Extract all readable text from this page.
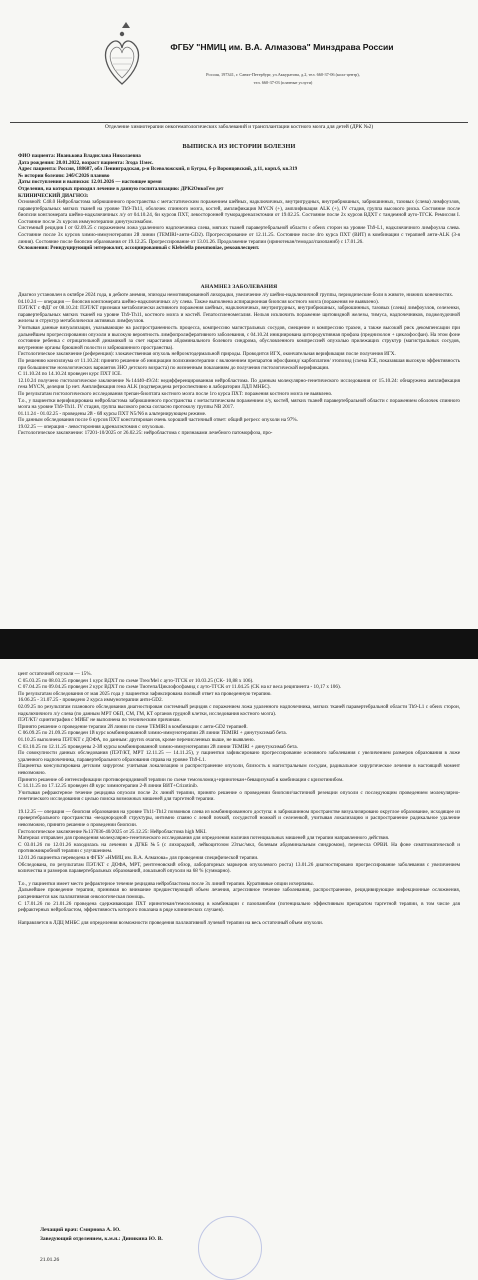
ФГБУ "НМИЦ им. В.А. Алмазова" Минздрава России
Россия, 197341, г. Санкт-Петербург, ул.Аккуратова, д.2, тел. 660-37-06 (колл-центр),
тел. 660-37-03 (платные услуги)
Отделение химиотерапии онкогематологических заболеваний и трансплантации костного мозга для детей (ДРК №2)
ВЫПИСКА ИЗ ИСТОРИИ БОЛЕЗНИ

ФИО пациента: Иванькова Владислава Николаевна

Дата рождения: 28.01.2022, возраст пациента: 3года 11мес.

Адрес пациента: Россия, 188687, обл Ленинградская, р-н Всеволожский, п Бугры, б-р Воронцовский, д.11, корп.6, кв.319

№ истории болезни: 24б/С2026 планово

Даты поступления и выписки: 12.01.2026 — настоящее время

Отделения, на которых проходил лечение в данную госпитализацию: ДРК2ОнкоГем дет

КЛИНИЧЕСКИЙ ДИАГНОЗ:

Основной: С48.0 Нейробластома забрюшинного пространства с метастатическим поражением шейных, надключичных, внутригрудных, внутрибрюшных, забрюшинных, тазовых (слева) лимфоузлов, паравертебральных мягких тканей на уровне Th9-Th11, оболочек спинного мозга, костей, амплификация MYCN (+), амплификация ALK (+), IV стадия, группа высокого риска. Состояние после биопсии конгломерата шейно-надключичных л/у от 04.10.24, 6и курсов ПХТ, левосторонней туморадреналэктомии от 19.02.25. Состояние после 2х курсов ВДХТ с тандемной ауто-ТГСК. Ремиссия I. Состояние после 2х курсов иммунотерапии динутуксимабом.

Системный рецидив I от 02.09.25 с поражением ложа удаленного надпочечника слева, мягких тканей паравертебральной области с обеих сторон на уровне Th9-L1, надключичного лимфоузла слева. Состояние после 3х курсов химио-иммунотерапии 2й линии (TEMIRI+анти-GD2). Прогрессирование от 12.11.25. Состояние после 4го курса ПХТ (ВИТ) в комбинации с терапией анти-ALK (3-я линия). Состояние после биопсии образования от 19.12.25. Прогрессирование от 13.01.26. Продолжение терапии (иринотекан/темодал/пазопаниб) с 17.01.26.

Осложнения: Реиндуцирующий энтероколит, ассоциированный с Klebsiella pneumoniae, рекоавлесцент.

АНАМНЕЗ ЗАБОЛЕВАНИЯ

Диагноз установлен в октябре 2024 года, в дебюте анемия, эпизоды немотивированной лихорадки, увеличение л/у шейно-надключичной группы, периодические боли в животе, нижних конечностях.

04.10.24 — операция — биопсия конгломерата шейно-надключичных л/у слева. Также выполнена аспирационная биопсия костного мозга (поражения не выявлено).

ПЭТ/КТ с ФДГ от 08.10.24: ПЭТ/КТ признаки метаболически активного поражения шейных, надключичных, внутригрудных, внутрибрюшных, забрюшинных, тазовых (слева) лимфоузлов, селезенки, паравертебральных мягких тканей на уровне Th9-Th11, костного мозга и костей. Гепатоспленомегалия. Нельзя исключить поражение щитовидной железы, тимуса, надпочечников, поджелудочной железы и структур метаболически активных лимфоузлов.

Учитывая данные визуализации, указывающие на распространенность процесса, компрессию магистральных сосудов, смещение и компрессию трахеи, а также высокий риск декомпенсации при дальнейшем прогрессировании опухоли и высокую вероятность лимфопролиферативного заболевания, с 04.10.24 инициирована циторедуктивная профаза (преднизолон + циклофосфан). На этом фоне состояние ребенка с отрицательной динамикой за счет нарастания абдоминального болевого синдрома, обусловленного компрессией опухолью прилежащих структур (магистральных сосудов, внутренние органы брюшной полости и забрюшинного пространства).

Гистологическое заключение (референция): злокачественная опухоль нейроэктодермальной природы. Проводится ИГХ, окончательная верификация после получения ИГХ.

По решению консилиума от 11.10.24: принято решение об инициации полихимиотерапии с включением препаратов ифосфамид/ карбоплатин/ этопозид (схема ICE, показавшая высокую эффективность при большинстве нозологических вариантов ЗНО детского возраста) по жизненным показаниям до получения гистологической верификации.

С 11.10.24 по 14.10.24 проведен курс ПХТ ICE.

12.10.24 получено гистологическое заключение №14440-49/24: недифференцированная нейробластома. По данным молекулярно-генетического исследования от 15.10.24: обнаружена амплификация гена MYCN, делеция 1p нет. Амплификация гена ALK (подтверждена ретроспективно в лаборатории ЛДЛ МНБС).

По результатам гистологического исследования трепан-биоптата костного мозга после 1го курса ПХТ: поражения костного мозга не выявлено.

Т.о., у пациентки верифицирована нейробластома забрюшинного пространства с метастатическим поражением л/у, костей, мягких тканей паравертебральной области с поражением оболочек спинного мозга на уровне Th9-Th11. IV стадия, группа высокого риска согласно протоколу группы NB 2017.

01.11.24 - 01.02.25 - проведены 2й - 6й курсы ПХТ N5/N6 в альтернирующем режиме.

По данным обследования после 6 курсов ПХТ констатирован очень хороший частичный ответ: общий регресс опухоли на 97%.

19.02.25 — операция - левосторонняя адреналэктомия с опухолью.

Гистологическое заключение: 17201-10/2025 от 26.02.25: нейробластома с признаками лечебного патоморфоза, про-

цент остаточной опухоли — 15%.

С 05.03.25 по 08.03.25 проведен 1 курс ВДХТ по схеме Treo/Mel с ауто-ТГСК от 10.03.25 (CK- 10,88 x 106).

С 07.04.25 по 09.04.25 проведен 2 курс ВДХТ по схеме Тиотепа/Циклофосфамид с ауто-ТГСК от 11.04.25 (CK на кг веса реципиента - 10,17 x 106).

По результатам обследования от мая 2025 года у пациентки зафиксирована полный ответ на проведенную терапию.

16.06.25 - 31.07.25 - проведено 2 курса иммунотерапии анти-GD2.

02.09.25 по результатам планового обследования диагностирован системный рецидив с поражением ложа удаленного надпочечника, мягких тканей паравертебральной области Th9-L1 с обеих сторон, надключичного л/у слева (по данным МРТ ОБП, СМ, ГМ, КТ органов грудной клетки, исследования костного мозга).

ПЭТ/КТ/ сцинтиграфия с МИБГ не выполнена по техническим причинам.

Принято решение о проведение терапии 2й линии по схеме TEMIRI в комбинации с анти-GD2 терапией.

С 06.09.25 по 21.09.25 проведен 1й курс комбинированной химио-иммунотерапии 2й линии TEMIRI + динутуксимаб бета.

01.10.25 выполнена ПЭТ/КТ с ДОФА, по данным: других очагов, кроме перечисленных выше, не выявлено.

С 03.10.25 по 12.11.25 проведены 2-3й курсы комбинированной химио-иммунотерапии 2й линии TEMIRI + динутуксимаб бета.

По совокупности данных обследования (ПЭТ/КТ, МРТ 12.11.25 — 14.11.25), у пациентки зафиксировано прогрессирование основного заболевания с увеличением размеров образования в ложе удаленного надпочечника, паравертебрального образования справа на уровне Th9-L1.

Пациентка консультирована детским хирургом: учитывая локализацию и распространение опухоли, близость к магистральным сосудам, радикальное хирургическое лечение в настоящий момент невозможно.

Принято решение об интенсификации противорецидивной терапии по схеме темозоломид+иринотекан+бевацизумаб в комбинации с кризотинибом.

С 14.11.25 по 17.12.25 проведен 4й курс химиотерапии 2-й линии ВИТ+Crizotinib.

Учитывая рефрактерное течение рецидива опухоли после 2х линий терапии, принято решение о проведении биопсии/частичной резекции опухоли с последующим проведением молекулярно-генетического исследования с целью поиска возможных мишеней для таргетной терапии.

19.12.25 — операция — биопсия образования на уровне Th11-Th12 позвонков слева из комбинированного доступа: в забрюшинном пространстве визуализировано округлое образование, исходящее из превертебрального пространства -неоднородной структуры, интимно спаяно с левой почкой, сосудистой ножкой и селезенкой, учитывая локализацию и распространение радикальное удаление невозможно, принято решение о проведении биопсии.

Гистологическое заключение №137036-40/2025 от 25.12.25: Нейробластома high MKI.

Материал отправлен для проведения молекулярно-генетического исследования для определения наличия потенциальных мишеней для терапии направленного действия.

С 03.01.26 по 12.01.26 находилась на лечении в ДГКБ №5 (с лихорадкой, лейкоцитозом 23тыс/мкл, болевым абдоминальным синдромом), перенесла ОРВИ. На фоне симптоматической и противомикробной терапии с улучшением.

12.01.26 пациентка переведена в ФГБУ «НМИЦ им. В.А. Алмазова» для проведения специфической терапии.

Обследована, по результатам ПЭТ/КТ с ДОФА, МРТ, рентгеновский обзор, лабораторных маркеров опухолевого роста) 13.01.26 диагностировано прогрессирование заболевания с увеличением количества и размеров паравертебральных образований, локальной опухоли на 68 % (суммарно).

Т.о., у пациентки имеет место рефрактерное течение рецидива нейробластомы после 3х линий терапии. Куративные опции исчерпаны.

Дальнейшее проведение терапии, принимая во внимание предшествующий объем лечения, агрессивное течение заболевания, распространение, рецидивирующие инфекционные осложнения, расценивается как паллиативная онкологическая помощь.

С 17.01.26 по 21.01.26 проведена сдерживающая ПХТ иринотекан/темозоломид в комбинации с пазопанибом (потенциально эффективным препаратом таргетной терапии, в том числе для рефрактерных нейробластом, эффективность которого показана в ряде клинических случаев).

Направляется в ЛДЦ МНБС для определения возможности проведения паллиативной лучевой терапии на весь остаточный объем опухоли.

Лечащий врач: Смирнова А. Ю.
Заведующий отделением, к.м.н.: Диникина Ю. В.
21.01.26
